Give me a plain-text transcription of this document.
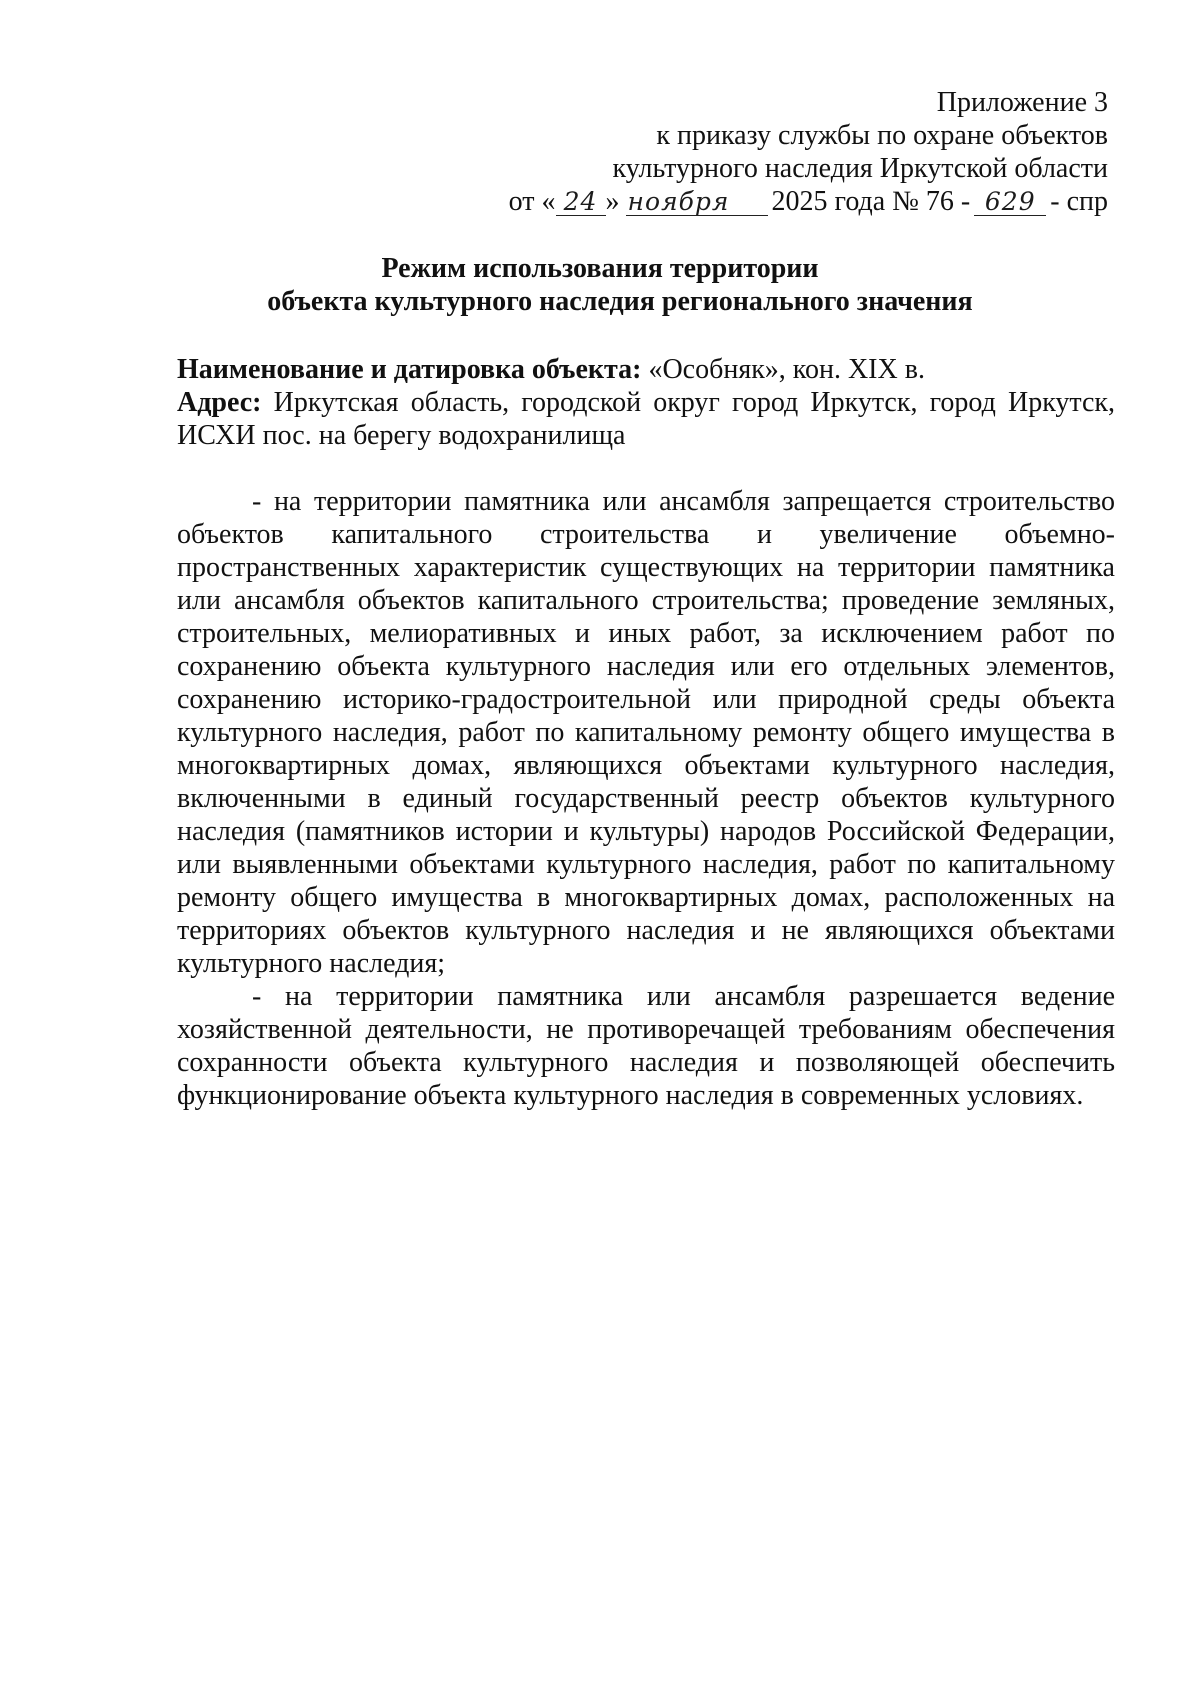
Приложение 3
к приказу службы по охране объектов
культурного наследия Иркутской области
от « 24 » ноября 2025 года № 76 - 629 - спр
Режим использования территории
объекта культурного наследия регионального значения

Наименование и датировка объекта: «Особняк», кон. XIX в.

Адрес: Иркутская область, городской округ город Иркутск, город Иркутск, ИСХИ пос. на берегу водохранилища

- на территории памятника или ансамбля запрещается строительство объектов капитального строительства и увеличение объемно-пространственных характеристик существующих на территории памятника или ансамбля объектов капитального строительства; проведение земляных, строительных, мелиоративных и иных работ, за исключением работ по сохранению объекта культурного наследия или его отдельных элементов, сохранению историко-градостроительной или природной среды объекта культурного наследия, работ по капитальному ремонту общего имущества в многоквартирных домах, являющихся объектами культурного наследия, включенными в единый государственный реестр объектов культурного наследия (памятников истории и культуры) народов Российской Федерации, или выявленными объектами культурного наследия, работ по капитальному ремонту общего имущества в многоквартирных домах, расположенных на территориях объектов культурного наследия и не являющихся объектами культурного наследия;

- на территории памятника или ансамбля разрешается ведение хозяйственной деятельности, не противоречащей требованиям обеспечения сохранности объекта культурного наследия и позволяющей обеспечить функционирование объекта культурного наследия в современных условиях.
